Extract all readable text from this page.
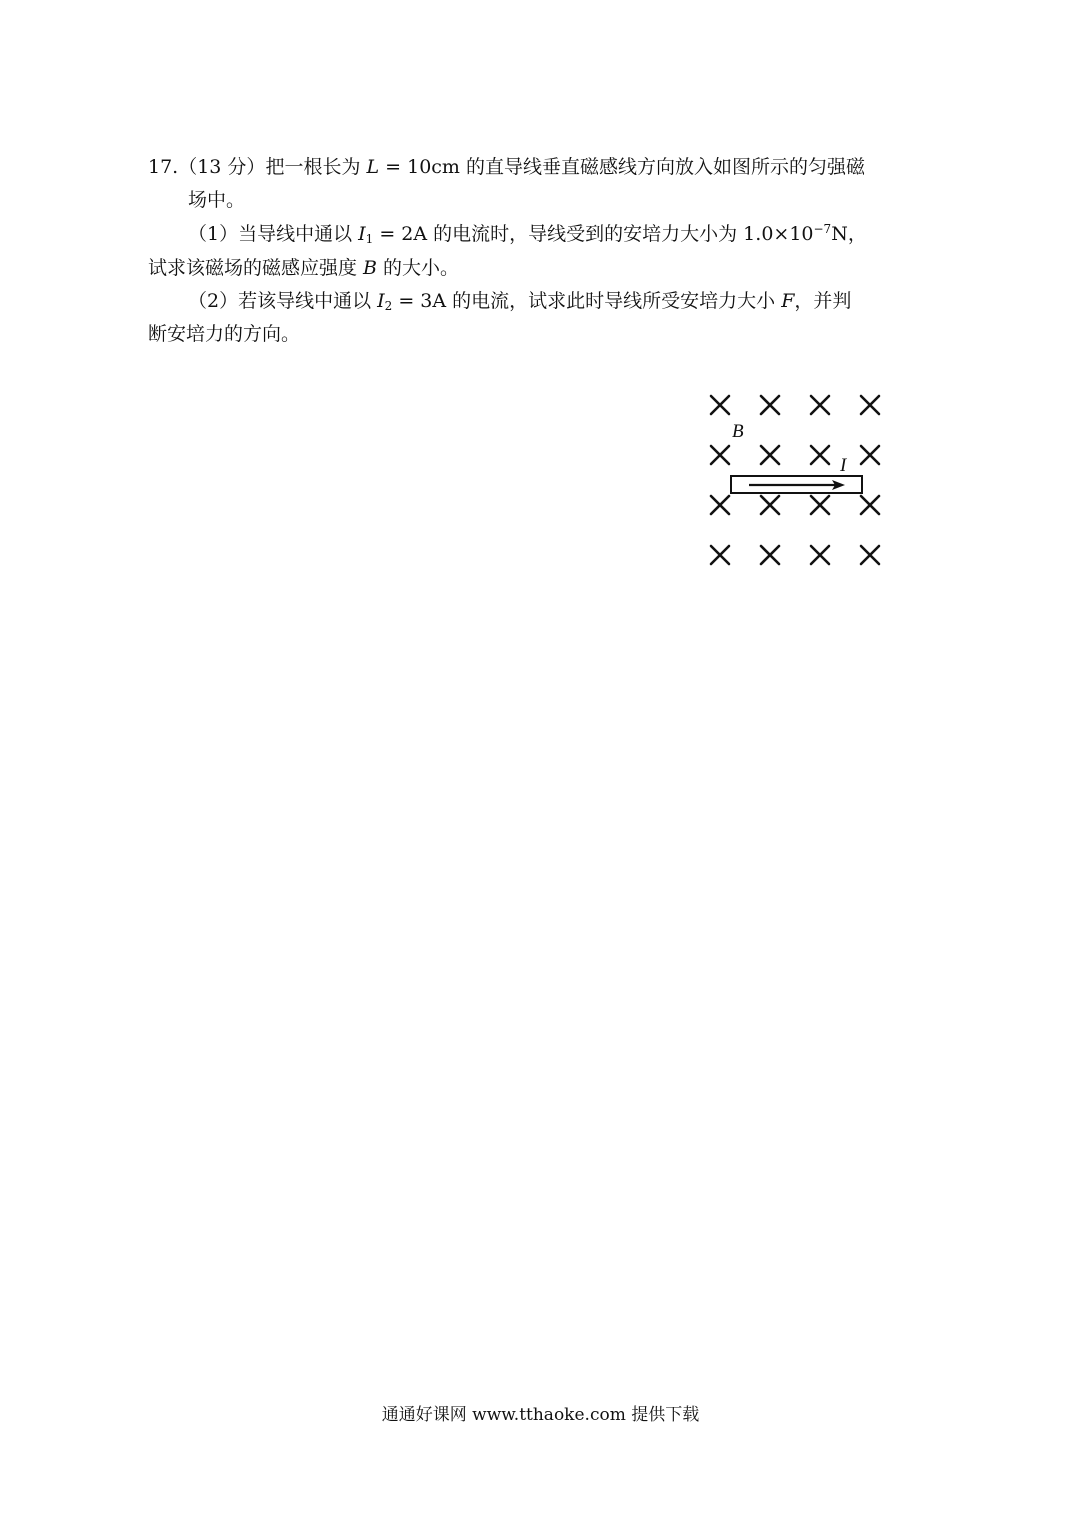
17.（13 分）把一根长为 L = 10cm 的直导线垂直磁感线方向放入如图所示的匀强磁
场中。
（1）当导线中通以 $I_1 = 2A$ 的电流时，导线受到的安培力大小为 $1.0\times 10^{-7}N$，
试求该磁场的磁感应强度 B 的大小。
（2）若该导线中通以 $I_2 = 3A$ 的电流，试求此时导线所受安培力大小 F，并判
断安培力的方向。
B
I
通通好课网 www.tthaoke.com 提供下载
